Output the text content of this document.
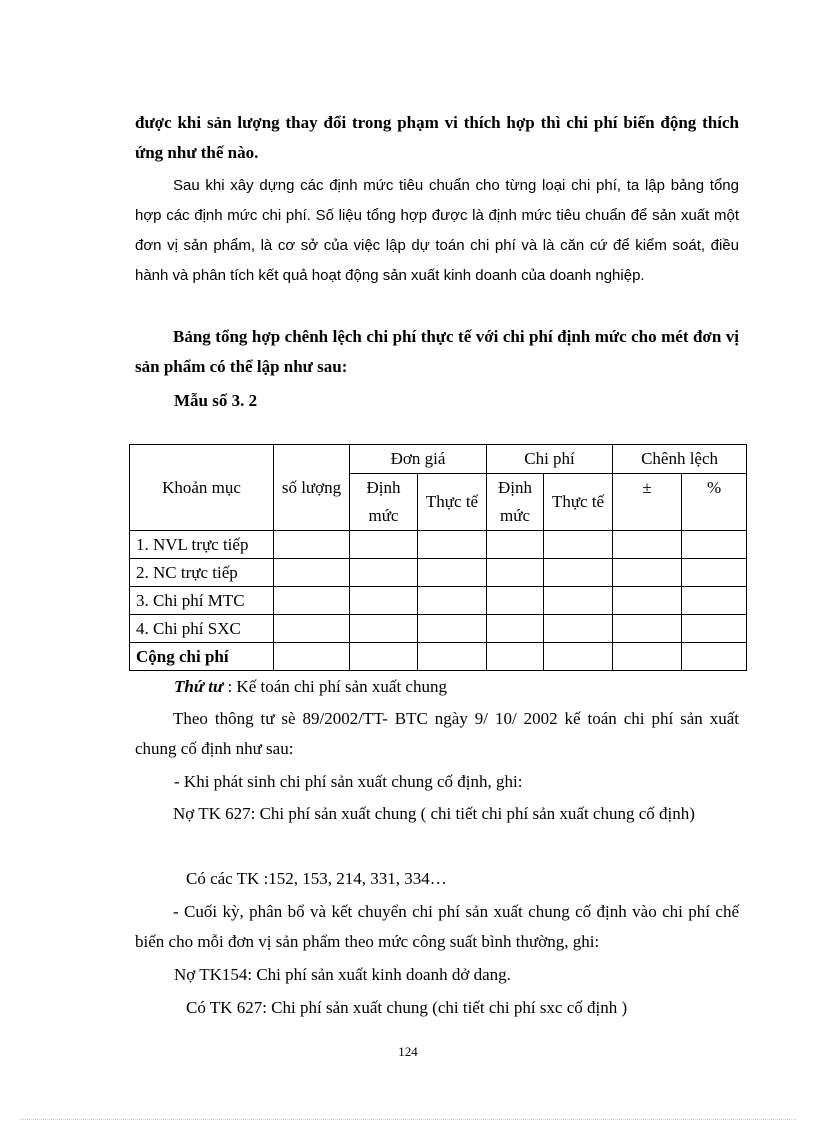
được khi sản lượng thay đổi trong phạm vi thích hợp thì chi phí biến động thích ứng như thế nào.

Sau khi xây dựng các định mức tiêu chuẩn cho từng loại chi phí, ta lập bảng tổng hợp các định mức chi phí. Số liệu tổng hợp được là định mức tiêu chuẩn để sản xuất một đơn vị sản phẩm, là cơ sở của việc lập dự toán chi phí và là căn cứ để kiểm soát, điều hành và phân tích kết quả hoạt động sản xuất kinh doanh của doanh nghiệp.

Bảng tổng hợp chênh lệch chi phí thực tế với chi phí định mức cho mét đơn vị sản phẩm có thể lập như sau:

Mẫu số 3. 2

Khoản mục	số lượng	Đơn giá		Chi phí		Chênh lệch	
		Định mức	Thực tế	Định mức	Thực tế	±	%
1. NVL trực tiếp							
2. NC trực tiếp							
3. Chi phí MTC							
4. Chi phí SXC							
Cộng chi phí							

Thứ tư : Kế toán chi phí sản xuất chung

Theo thông tư sè 89/2002/TT- BTC ngày 9/ 10/ 2002 kế toán chi phí sản xuất chung cố định như sau:

- Khi phát sinh chi phí sản xuất chung cố định, ghi:

Nợ TK 627: Chi phí sản xuất chung ( chi tiết chi phí sản xuất chung cố định)

Có các TK :152, 153, 214, 331, 334…

- Cuối kỳ, phân bổ và kết chuyển chi phí sản xuất chung cố định vào chi phí chế biến cho mỗi đơn vị sản phẩm theo mức công suất bình thường, ghi:

Nợ TK154: Chi phí sản xuất kinh doanh dở dang.

Có TK 627: Chi phí sản xuất chung (chi tiết chi phí sxc cố định )

124
